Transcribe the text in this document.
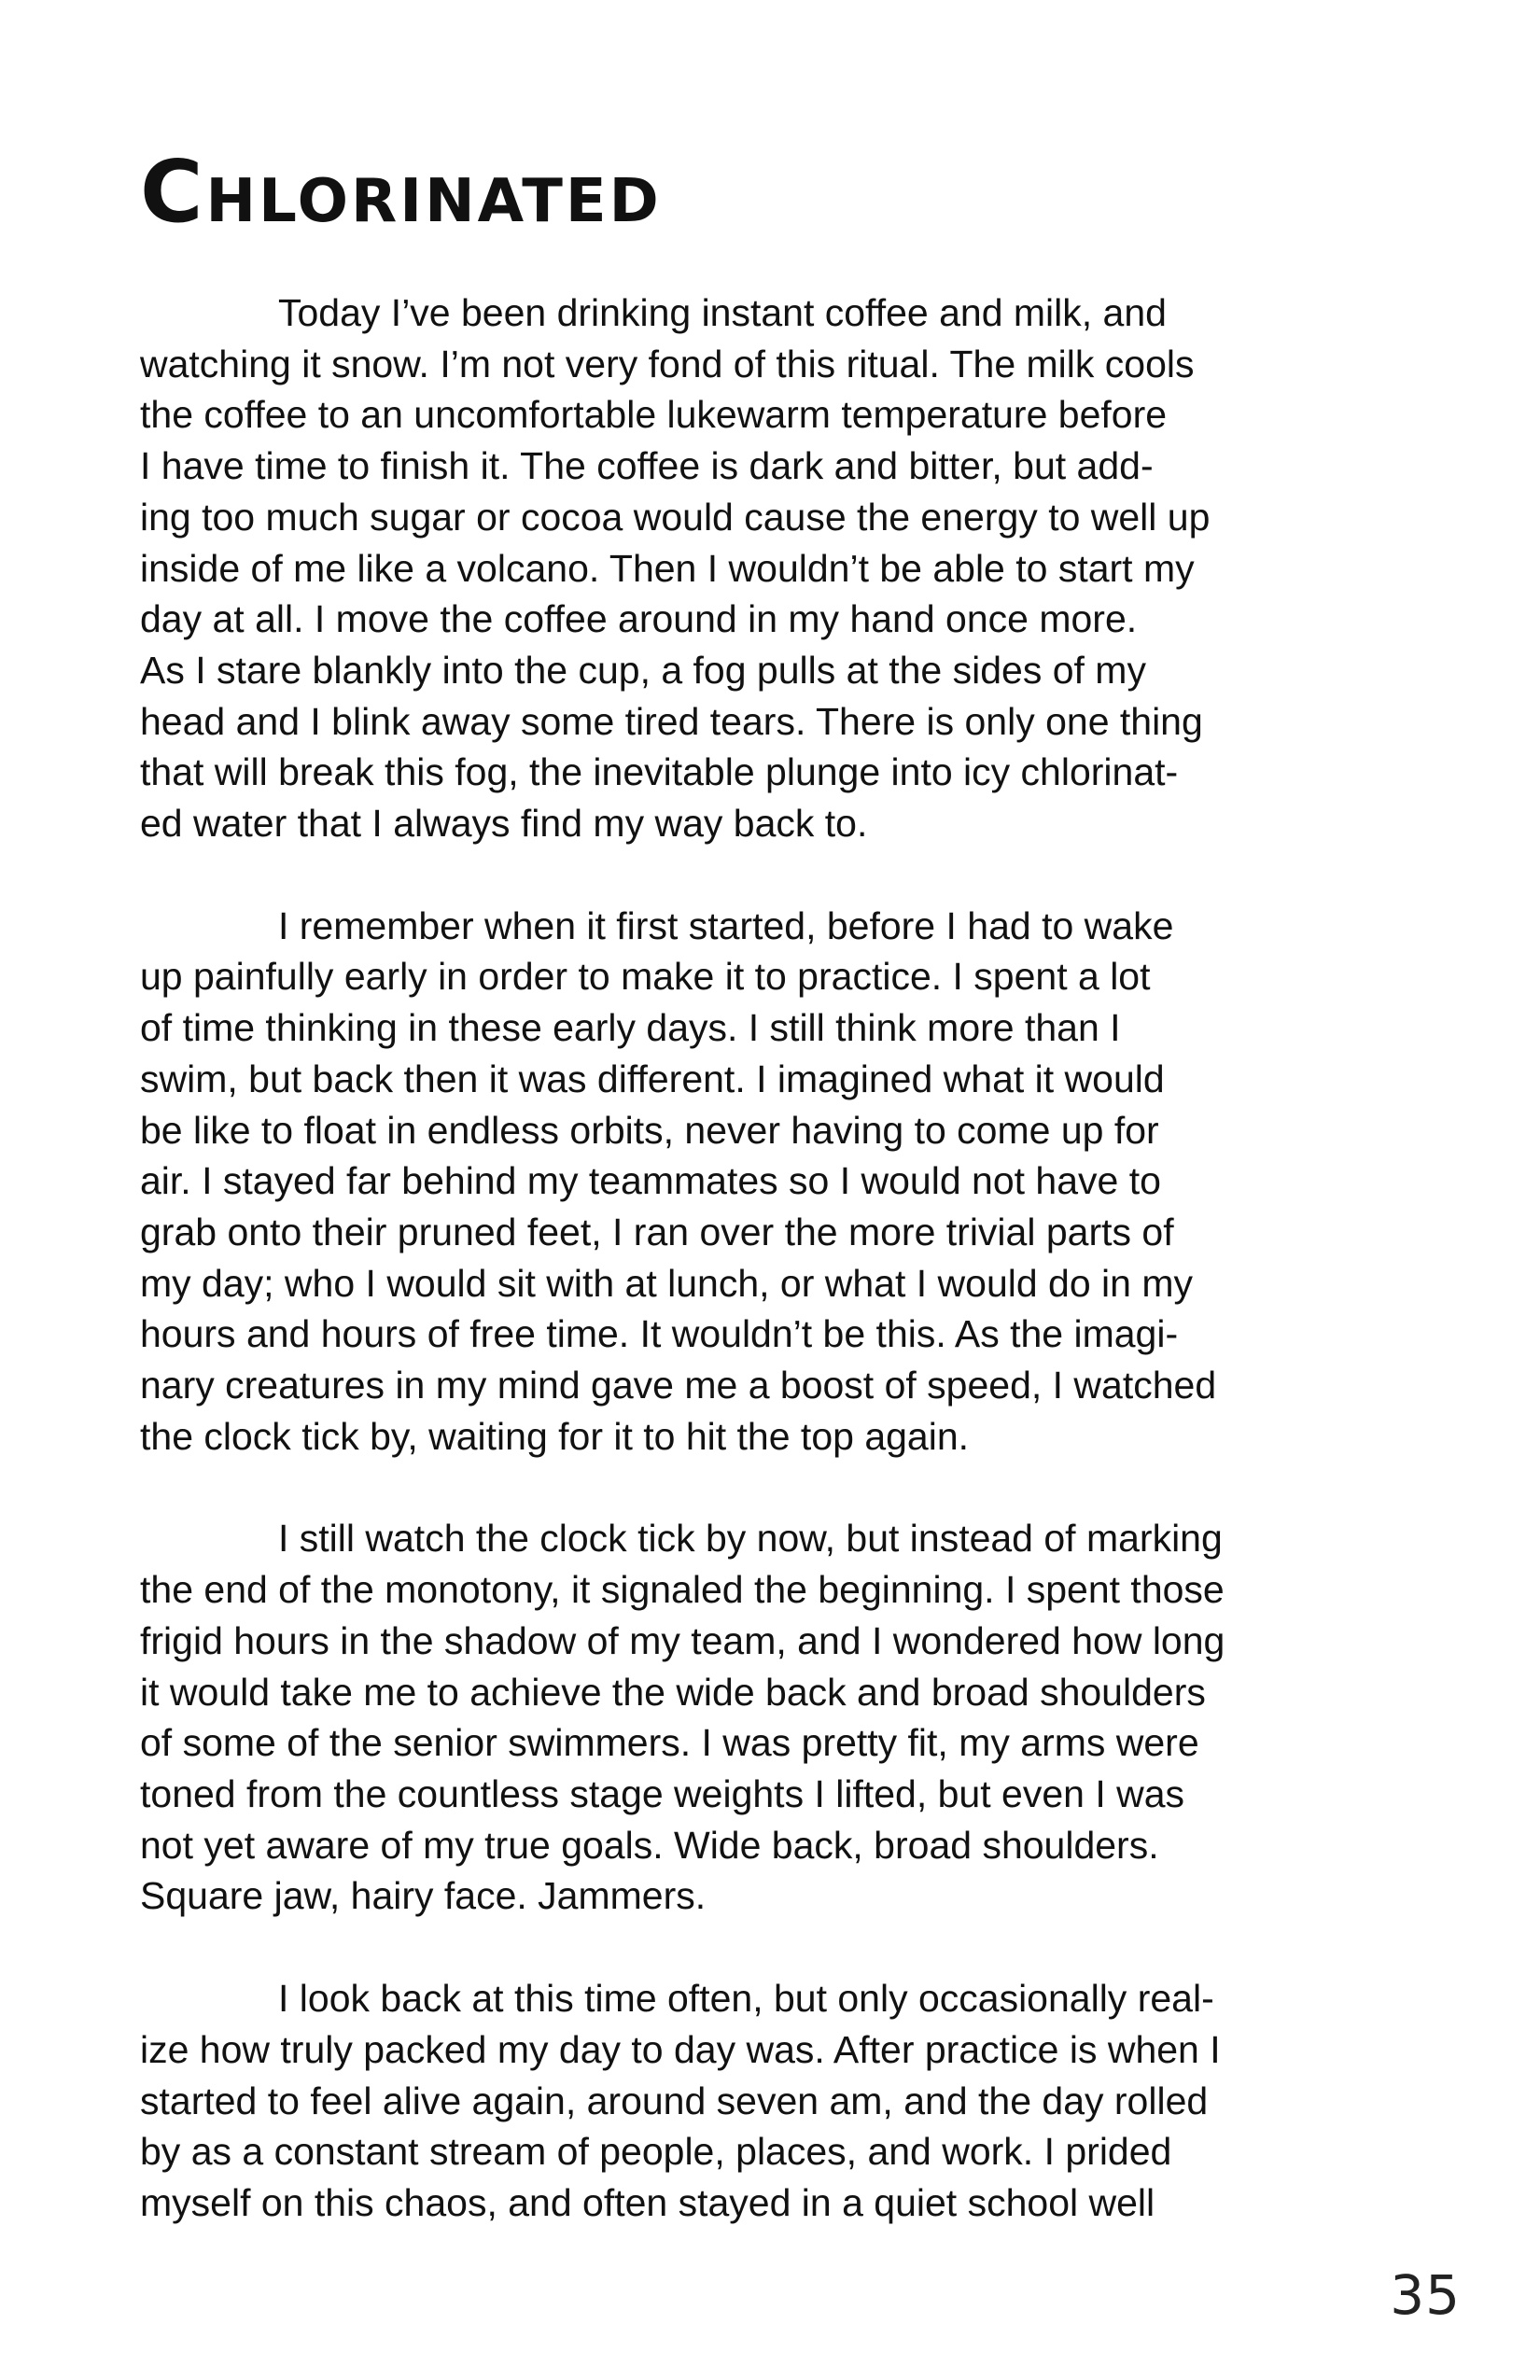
Chlorinated

Today I’ve been drinking instant coffee and milk, and
watching it snow. I’m not very fond of this ritual. The milk cools
the coffee to an uncomfortable lukewarm temperature before
I have time to finish it. The coffee is dark and bitter, but add-
ing too much sugar or cocoa would cause the energy to well up
inside of me like a volcano. Then I wouldn’t be able to start my
day at all. I move the coffee around in my hand once more.
As I stare blankly into the cup, a fog pulls at the sides of my
head and I blink away some tired tears. There is only one thing
that will break this fog, the inevitable plunge into icy chlorinat-
ed water that I always find my way back to.

I remember when it first started, before I had to wake
up painfully early in order to make it to practice. I spent a lot
of time thinking in these early days. I still think more than I
swim, but back then it was different. I imagined what it would
be like to float in endless orbits, never having to come up for
air. I stayed far behind my teammates so I would not have to
grab onto their pruned feet, I ran over the more trivial parts of
my day; who I would sit with at lunch, or what I would do in my
hours and hours of free time. It wouldn’t be this. As the imagi-
nary creatures in my mind gave me a boost of speed, I watched
the clock tick by, waiting for it to hit the top again.

I still watch the clock tick by now, but instead of marking
the end of the monotony, it signaled the beginning. I spent those
frigid hours in the shadow of my team, and I wondered how long
it would take me to achieve the wide back and broad shoulders
of some of the senior swimmers. I was pretty fit, my arms were
toned from the countless stage weights I lifted, but even I was
not yet aware of my true goals. Wide back, broad shoulders.
Square jaw, hairy face. Jammers.

I look back at this time often, but only occasionally real-
ize how truly packed my day to day was. After practice is when I
started to feel alive again, around seven am, and the day rolled
by as a constant stream of people, places, and work. I prided
myself on this chaos, and often stayed in a quiet school well

35
